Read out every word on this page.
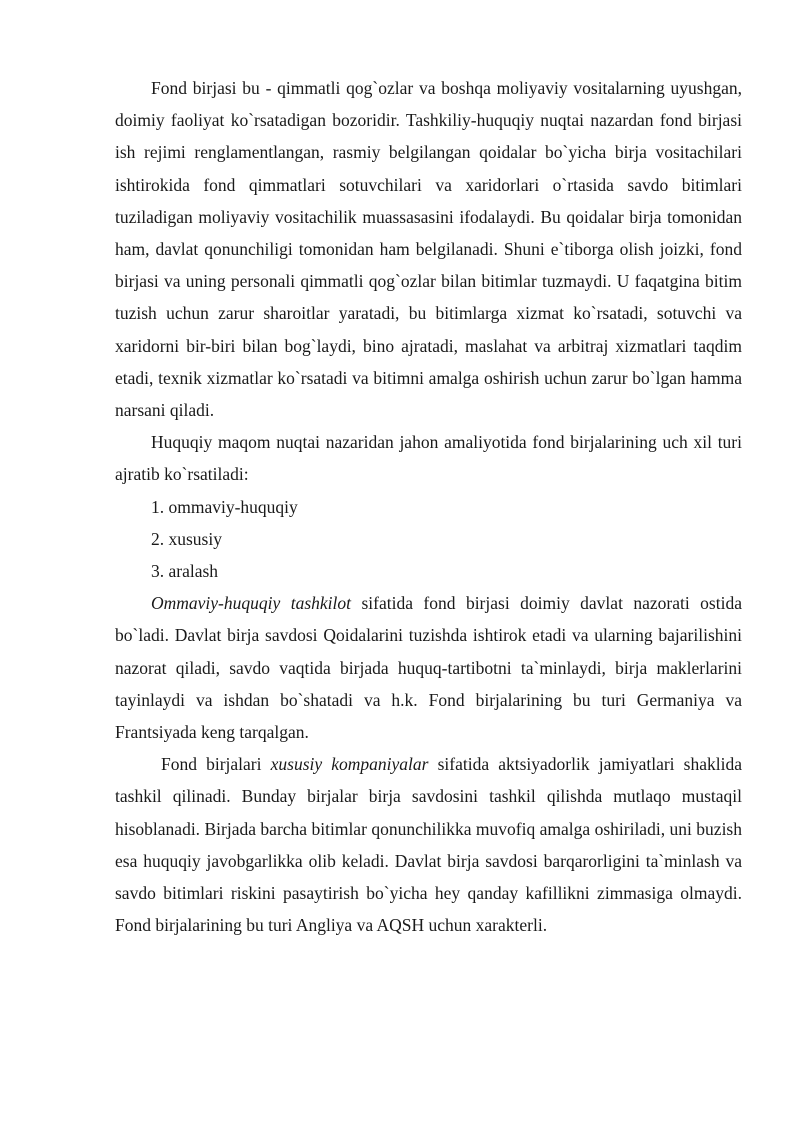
Fond birjasi bu - qimmatli qog`ozlar va boshqa moliyaviy vositalarning uyushgan, doimiy faoliyat ko`rsatadigan bozoridir. Tashkiliy-huquqiy nuqtai nazardan fond birjasi ish rejimi renglamentlangan, rasmiy belgilangan qoidalar bo`yicha birja vositachilari ishtirokida fond qimmatlari sotuvchilari va xaridorlari o`rtasida savdo bitimlari tuziladigan moliyaviy vositachilik muassasasini ifodalaydi. Bu qoidalar birja tomonidan ham, davlat qonunchiligi tomonidan ham belgilanadi. Shuni e`tiborga olish joizki, fond birjasi va uning personali qimmatli qog`ozlar bilan bitimlar tuzmaydi. U faqatgina bitim tuzish uchun zarur sharoitlar yaratadi, bu bitimlarga xizmat ko`rsatadi, sotuvchi va xaridorni bir-biri bilan bog`laydi, bino ajratadi, maslahat va arbitraj xizmatlari taqdim etadi, texnik xizmatlar ko`rsatadi va bitimni amalga oshirish uchun zarur bo`lgan hamma narsani qiladi.

Huquqiy maqom nuqtai nazaridan jahon amaliyotida fond birjalarining uch xil turi ajratib ko`rsatiladi:

1. ommaviy-huquqiy

2. xususiy

3. aralash

Ommaviy-huquqiy tashkilot sifatida fond birjasi doimiy davlat nazorati ostida bo`ladi. Davlat birja savdosi Qoidalarini tuzishda ishtirok etadi va ularning bajarilishini nazorat qiladi, savdo vaqtida birjada huquq-tartibotni ta`minlaydi, birja maklerlarini tayinlaydi va ishdan bo`shatadi va h.k. Fond birjalarining bu turi Germaniya va Frantsiyada keng tarqalgan.

Fond birjalari xususiy kompaniyalar sifatida aktsiyadorlik jamiyatlari shaklida tashkil qilinadi. Bunday birjalar birja savdosini tashkil qilishda mutlaqo mustaqil hisoblanadi. Birjada barcha bitimlar qonunchilikka muvofiq amalga oshiriladi, uni buzish esa huquqiy javobgarlikka olib keladi. Davlat birja savdosi barqarorligini ta`minlash va savdo bitimlari riskini pasaytirish bo`yicha hey qanday kafillikni zimmasiga olmaydi. Fond birjalarining bu turi Angliya va AQSH uchun xarakterli.
